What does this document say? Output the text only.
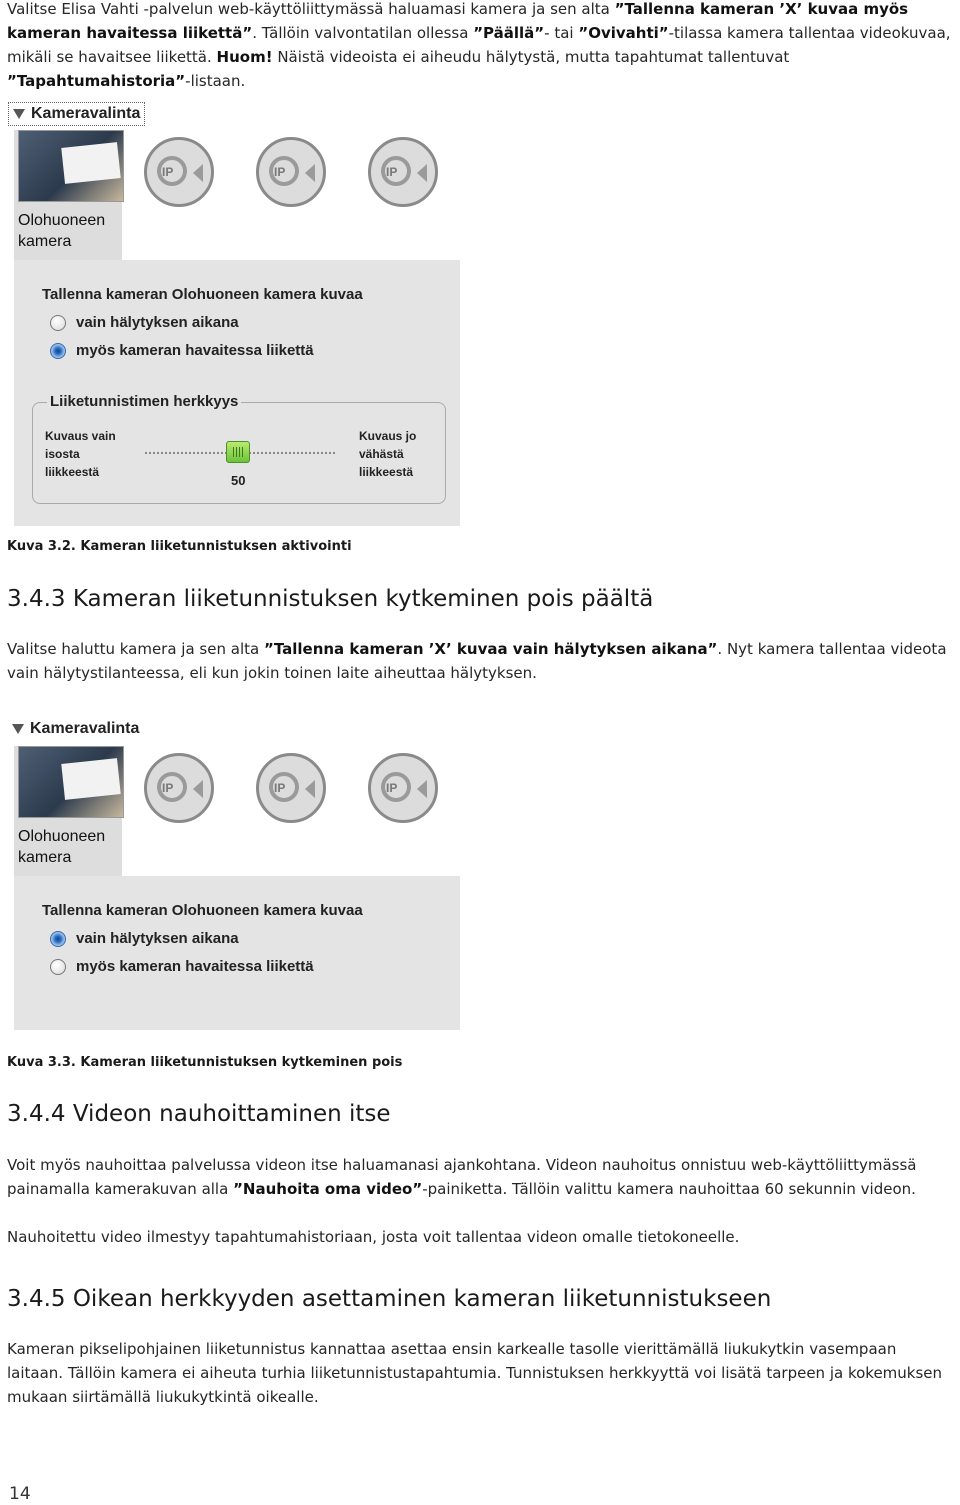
Valitse Elisa Vahti -palvelun web-käyttöliittymässä haluamasi kamera ja sen alta ”Tallenna kameran ’X’ kuvaa myös kameran havaitessa liikettä”. Tällöin valvontatilan ollessa ”Päällä”- tai ”Ovivahti”-tilassa kamera tallentaa videokuvaa, mikäli se havaitsee liikettä. Huom! Näistä videoista ei aiheudu hälytystä, mutta tapahtumat tallentuvat ”Tapahtumahistoria”-listaan.

Kameravalinta
Olohuoneen
kamera
IP	IP	IP
Tallenna kameran Olohuoneen kamera kuvaa
vain hälytyksen aikana
myös kameran havaitessa liikettä
Liiketunnistimen herkkyys
Kuvaus vain
isosta
liikkeestä
50
Kuvaus jo
vähästä
liikkeestä
Kuva 3.2. Kameran liiketunnistuksen aktivointi
3.4.3 Kameran liiketunnistuksen kytkeminen pois päältä

Valitse haluttu kamera ja sen alta ”Tallenna kameran ’X’ kuvaa vain hälytyksen aikana”. Nyt kamera tallentaa videota vain hälytystilanteessa, eli kun jokin toinen laite aiheuttaa hälytyksen.

Kameravalinta
Olohuoneen
kamera
IP	IP	IP
Tallenna kameran Olohuoneen kamera kuvaa
vain hälytyksen aikana
myös kameran havaitessa liikettä
Kuva 3.3. Kameran liiketunnistuksen kytkeminen pois
3.4.4 Videon nauhoittaminen itse

Voit myös nauhoittaa palvelussa videon itse haluamanasi ajankohtana. Videon nauhoitus onnistuu web-käyttöliittymässä painamalla kamerakuvan alla ”Nauhoita oma video”-painiketta. Tällöin valittu kamera nauhoittaa 60 sekunnin videon.

Nauhoitettu video ilmestyy tapahtumahistoriaan, josta voit tallentaa videon omalle tietokoneelle.

3.4.5 Oikean herkkyyden asettaminen kameran liiketunnistukseen

Kameran pikselipohjainen liiketunnistus kannattaa asettaa ensin karkealle tasolle vierittämällä liukukytkin vasempaan laitaan. Tällöin kamera ei aiheuta turhia liiketunnistustapahtumia. Tunnistuksen herkkyyttä voi lisätä tarpeen ja kokemuksen mukaan siirtämällä liukukytkintä oikealle.

14
